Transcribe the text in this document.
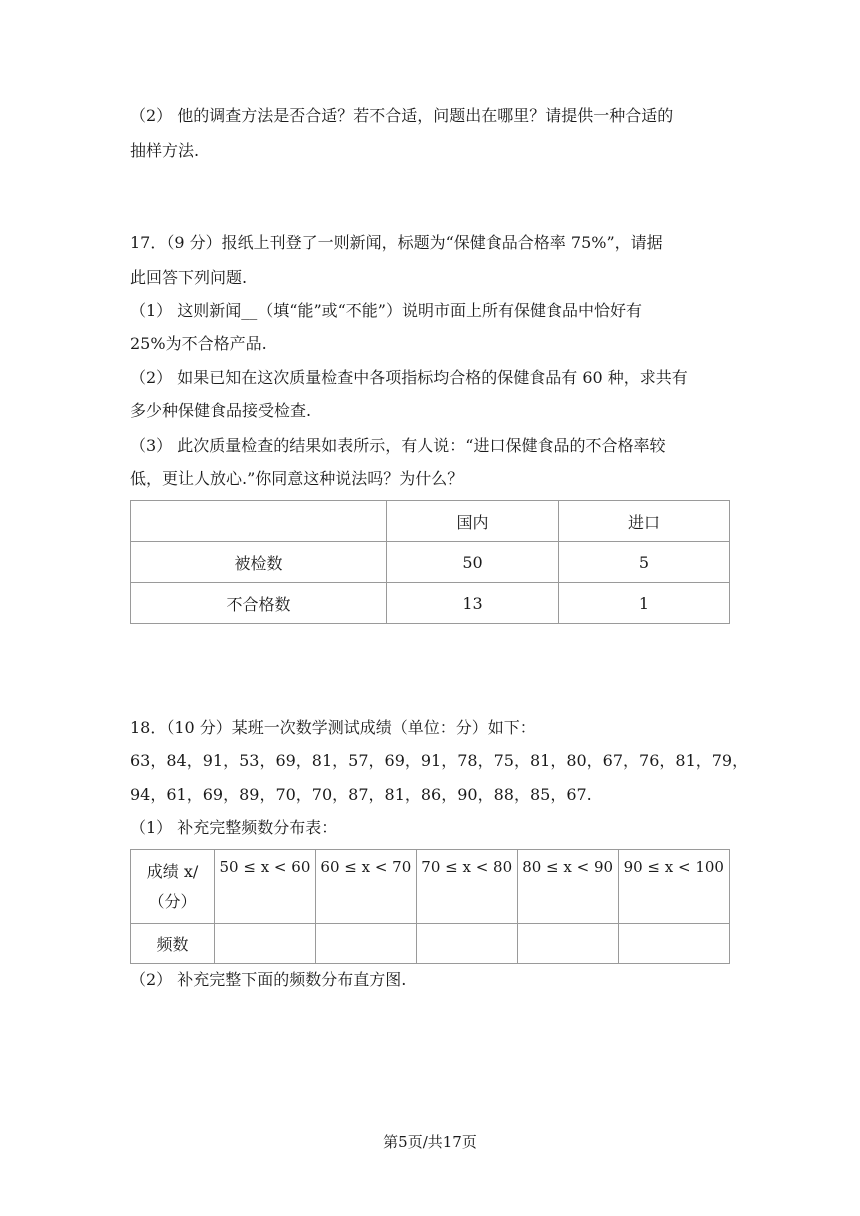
（2） 他的调查方法是否合适？若不合适，问题出在哪里？请提供一种合适的
抽样方法.
17．（9 分）报纸上刊登了一则新闻，标题为“保健食品合格率 75%”，请据
此回答下列问题.
（1） 这则新闻__（填“能”或“不能”）说明市面上所有保健食品中恰好有
25%为不合格产品.
（2） 如果已知在这次质量检查中各项指标均合格的保健食品有 60 种，求共有
多少种保健食品接受检查.
（3） 此次质量检查的结果如表所示，有人说：“进口保健食品的不合格率较
低，更让人放心.”你同意这种说法吗？为什么？
	国内	进口
被检数	50	5
不合格数	13	1
18．（10 分）某班一次数学测试成绩（单位：分）如下：
63，84，91，53，69，81，57，69，91，78，75，81，80，67，76，81，79，
94，61，69，89，70，70，87，81，86，90，88，85，67.
（1） 补充完整频数分布表：
成绩 x/
（分）	50 ≤ x < 60	60 ≤ x < 70	70 ≤ x < 80	80 ≤ x < 90	90 ≤ x < 100
频数					
（2） 补充完整下面的频数分布直方图.
第5页/共17页
